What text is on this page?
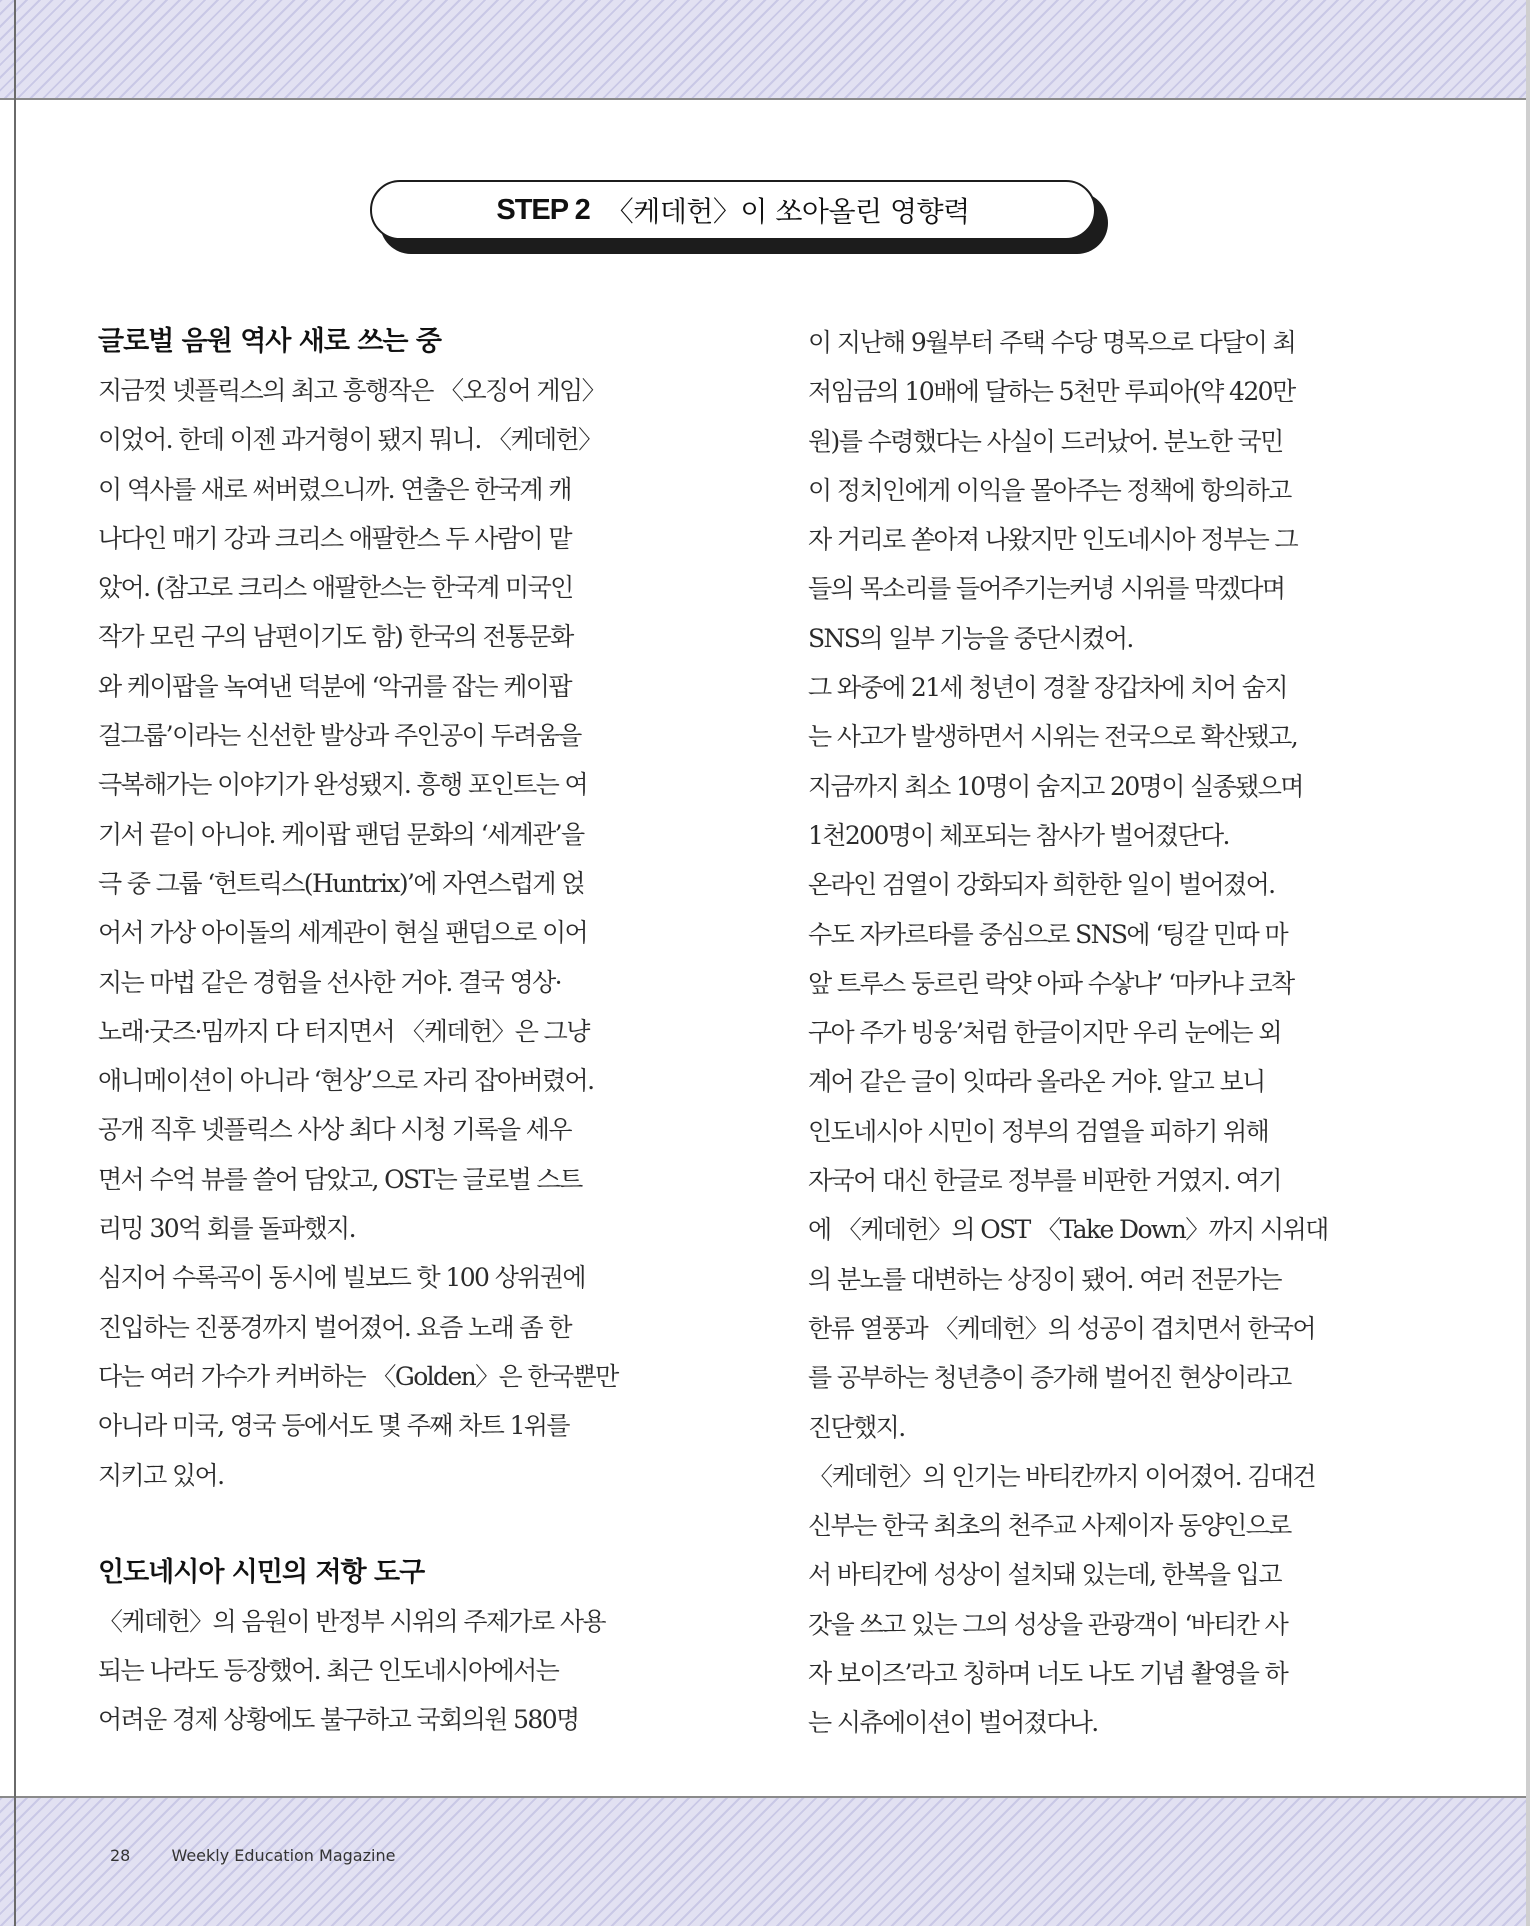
STEP 2 〈케데헌〉이 쏘아올린 영향력
글로벌 음원 역사 새로 쓰는 중

지금껏 넷플릭스의 최고 흥행작은 〈오징어 게임〉
이었어. 한데 이젠 과거형이 됐지 뭐니. 〈케데헌〉
이 역사를 새로 써버렸으니까. 연출은 한국계 캐
나다인 매기 강과 크리스 애팔한스 두 사람이 맡
았어. (참고로 크리스 애팔한스는 한국계 미국인
작가 모린 구의 남편이기도 함) 한국의 전통문화
와 케이팝을 녹여낸 덕분에 ‘악귀를 잡는 케이팝
걸그룹’이라는 신선한 발상과 주인공이 두려움을
극복해가는 이야기가 완성됐지. 흥행 포인트는 여
기서 끝이 아니야. 케이팝 팬덤 문화의 ‘세계관’을
극 중 그룹 ‘헌트릭스(Huntrix)’에 자연스럽게 얹
어서 가상 아이돌의 세계관이 현실 팬덤으로 이어
지는 마법 같은 경험을 선사한 거야. 결국 영상·
노래·굿즈·밈까지 다 터지면서 〈케데헌〉은 그냥
애니메이션이 아니라 ‘현상’으로 자리 잡아버렸어.
공개 직후 넷플릭스 사상 최다 시청 기록을 세우
면서 수억 뷰를 쓸어 담았고, OST는 글로벌 스트
리밍 30억 회를 돌파했지.

심지어 수록곡이 동시에 빌보드 핫 100 상위권에
진입하는 진풍경까지 벌어졌어. 요즘 노래 좀 한
다는 여러 가수가 커버하는 〈Golden〉은 한국뿐만
아니라 미국, 영국 등에서도 몇 주째 차트 1위를
지키고 있어.

인도네시아 시민의 저항 도구

〈케데헌〉의 음원이 반정부 시위의 주제가로 사용
되는 나라도 등장했어. 최근 인도네시아에서는
어려운 경제 상황에도 불구하고 국회의원 580명

이 지난해 9월부터 주택 수당 명목으로 다달이 최
저임금의 10배에 달하는 5천만 루피아(약 420만
원)를 수령했다는 사실이 드러났어. 분노한 국민
이 정치인에게 이익을 몰아주는 정책에 항의하고
자 거리로 쏟아져 나왔지만 인도네시아 정부는 그
들의 목소리를 들어주기는커녕 시위를 막겠다며
SNS의 일부 기능을 중단시켰어.

그 와중에 21세 청년이 경찰 장갑차에 치어 숨지
는 사고가 발생하면서 시위는 전국으로 확산됐고,
지금까지 최소 10명이 숨지고 20명이 실종됐으며
1천200명이 체포되는 참사가 벌어졌단다.

온라인 검열이 강화되자 희한한 일이 벌어졌어.
수도 자카르타를 중심으로 SNS에 ‘팅갈 민따 마
앞 트루스 둥르린 락얏 아파 수샇냐’ ‘마카냐 코착
구아 주가 빙웅’처럼 한글이지만 우리 눈에는 외
계어 같은 글이 잇따라 올라온 거야. 알고 보니
인도네시아 시민이 정부의 검열을 피하기 위해
자국어 대신 한글로 정부를 비판한 거였지. 여기
에 〈케데헌〉의 OST 〈Take Down〉까지 시위대
의 분노를 대변하는 상징이 됐어. 여러 전문가는
한류 열풍과 〈케데헌〉의 성공이 겹치면서 한국어
를 공부하는 청년층이 증가해 벌어진 현상이라고
진단했지.

〈케데헌〉의 인기는 바티칸까지 이어졌어. 김대건
신부는 한국 최초의 천주교 사제이자 동양인으로
서 바티칸에 성상이 설치돼 있는데, 한복을 입고
갓을 쓰고 있는 그의 성상을 관광객이 ‘바티칸 사
자 보이즈’라고 칭하며 너도 나도 기념 촬영을 하
는 시츄에이션이 벌어졌다나.

28	Weekly Education Magazine
